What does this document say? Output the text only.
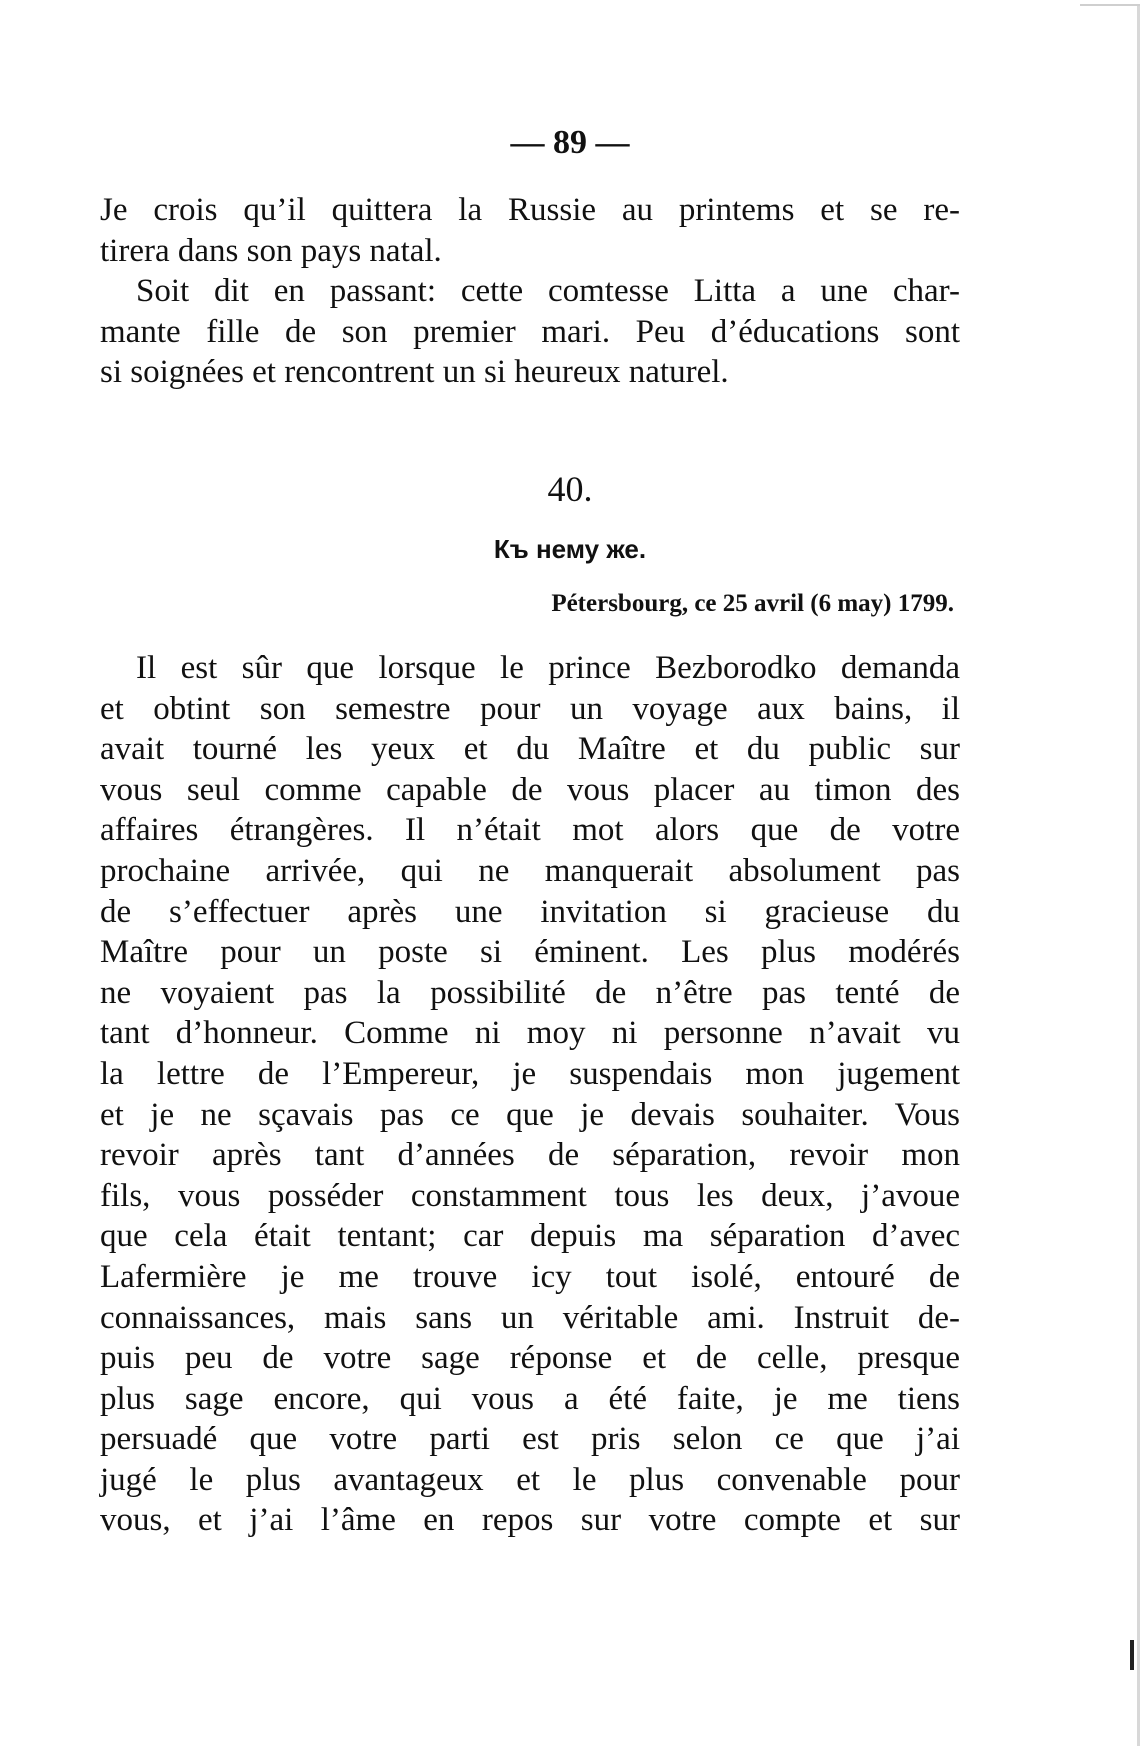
— 89 —
Je crois qu’il quittera la Russie au printems et se re-
tirera dans son pays natal.
Soit dit en passant: cette comtesse Litta a une char-
mante fille de son premier mari. Peu d’éducations sont
si soignées et rencontrent un si heureux naturel.
40.
Къ нему же.
Pétersbourg, ce 25 avril (6 may) 1799.
Il est sûr que lorsque le prince Bezborodko demanda
et obtint son semestre pour un voyage aux bains, il
avait tourné les yeux et du Maître et du public sur
vous seul comme capable de vous placer au timon des
affaires étrangères. Il n’était mot alors que de votre
prochaine arrivée, qui ne manquerait absolument pas
de s’effectuer après une invitation si gracieuse du
Maître pour un poste si éminent. Les plus modérés
ne voyaient pas la possibilité de n’être pas tenté de
tant d’honneur. Comme ni moy ni personne n’avait vu
la lettre de l’Empereur, je suspendais mon jugement
et je ne sçavais pas ce que je devais souhaiter. Vous
revoir après tant d’années de séparation, revoir mon
fils, vous posséder constamment tous les deux, j’avoue
que cela était tentant; car depuis ma séparation d’avec
Lafermière je me trouve icy tout isolé, entouré de
connaissances, mais sans un véritable ami. Instruit de-
puis peu de votre sage réponse et de celle, presque
plus sage encore, qui vous a été faite, je me tiens
persuadé que votre parti est pris selon ce que j’ai
jugé le plus avantageux et le plus convenable pour
vous, et j’ai l’âme en repos sur votre compte et sur
